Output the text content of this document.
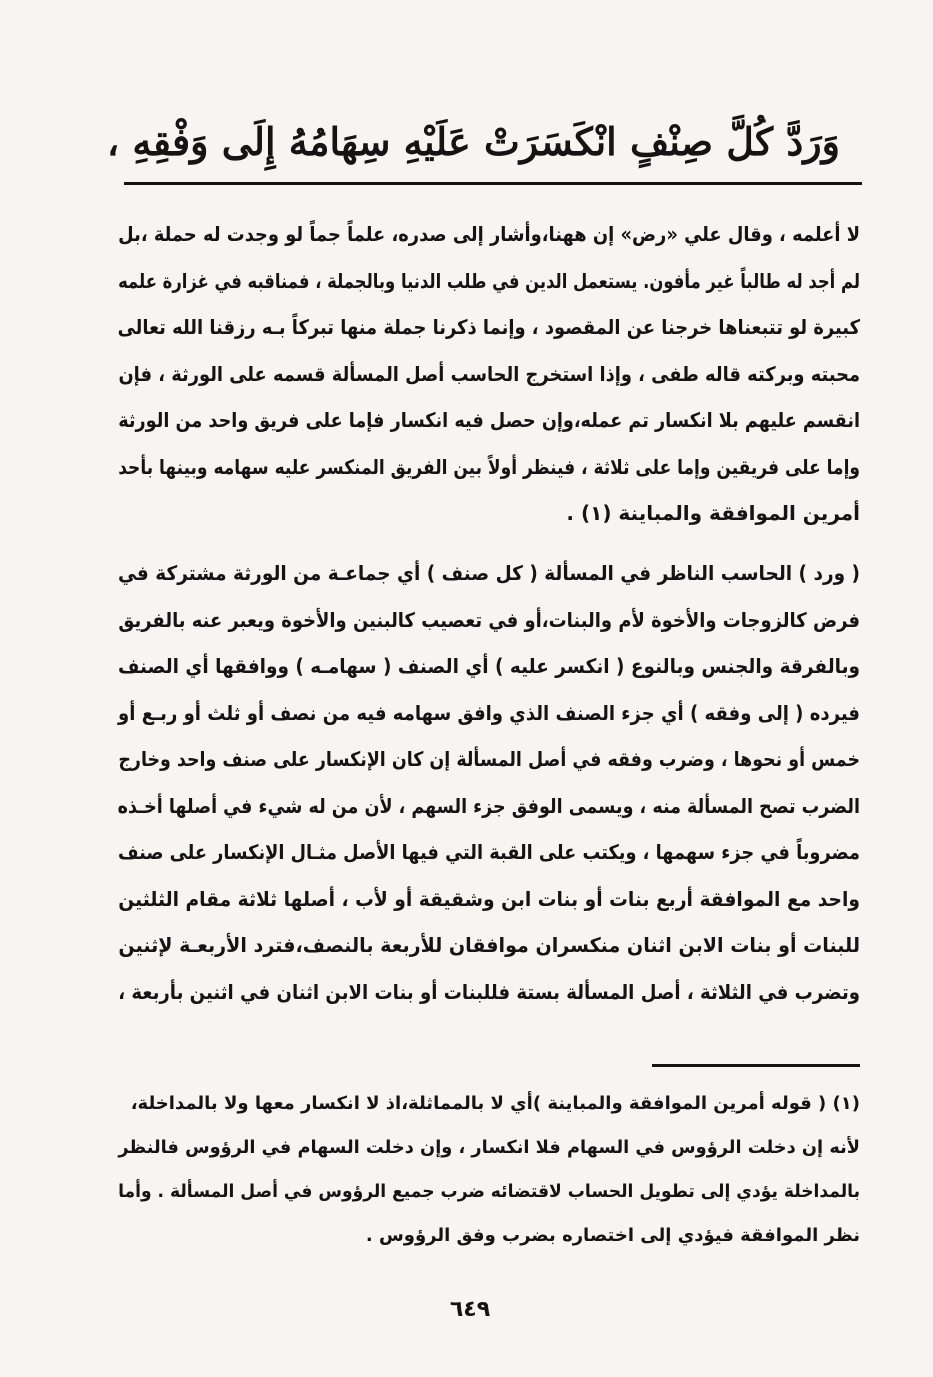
وَرَدَّ كُلَّ صِنْفٍ انْكَسَرَتْ عَلَيْهِ سِهَامُهُ إِلَى وَفْقِهِ ،
لا أعلمه ، وقال علي «رض» إن ههنا،وأشار إلى صدره، علماً جماً لو وجدت له حملة ،بل
لم أجد له طالباً غير مأفون. يستعمل الدين في طلب الدنيا وبالجملة ، فمناقبه في غزارة علمه
كبيرة لو تتبعناها خرجنا عن المقصود ، وإنما ذكرنا جملة منها تبركاً بـه رزقنا الله تعالى
محبته وبركته قاله طفى ، وإذا استخرج الحاسب أصل المسألة قسمه على الورثة ، فإن
انقسم عليهم بلا انكسار تم عمله،وإن حصل فيه انكسار فإما على فريق واحد من الورثة
وإما على فريقين وإما على ثلاثة ، فينظر أولاً بين الفريق المنكسر عليه سهامه وبينها بأحد
أمرين الموافقة والمباينة (١) .
( ورد ) الحاسب الناظر في المسألة ( كل صنف ) أي جماعـة من الورثة مشتركة في
فرض كالزوجات والأخوة لأم والبنات،أو في تعصيب كالبنين والأخوة ويعبر عنه بالفريق
وبالفرقة والجنس وبالنوع ( انكسر عليه ) أي الصنف ( سهامـه ) ووافقها أي الصنف
فيرده ( إلى وفقه ) أي جزء الصنف الذي وافق سهامه فيه من نصف أو ثلث أو ربـع أو
خمس أو نحوها ، وضرب وفقه في أصل المسألة إن كان الإنكسار على صنف واحد وخارج
الضرب تصح المسألة منه ، ويسمى الوفق جزء السهم ، لأن من له شيء في أصلها أخـذه
مضروباً في جزء سهمها ، ويكتب على القبة التي فيها الأصل مثـال الإنكسار على صنف
واحد مع الموافقة أربع بنات أو بنات ابن وشقيقة أو لأب ، أصلها ثلاثة مقام الثلثين
للبنات أو بنات الابن اثنان منكسران موافقان للأربعة بالنصف،فترد الأربعـة لإثنين
وتضرب في الثلاثة ، أصل المسألة بستة فللبنات أو بنات الابن اثنان في اثنين بأربعة ،
(١) ( قوله أمرين الموافقة والمباينة )أي لا بالمماثلة،اذ لا انكسار معها ولا بالمداخلة،
لأنه إن دخلت الرؤوس في السهام فلا انكسار ، وإن دخلت السهام في الرؤوس فالنظر
بالمداخلة يؤدي إلى تطويل الحساب لاقتضائه ضرب جميع الرؤوس في أصل المسألة . وأما
نظر الموافقة فيؤدي إلى اختصاره بضرب وفق الرؤوس .
٦٤٩
